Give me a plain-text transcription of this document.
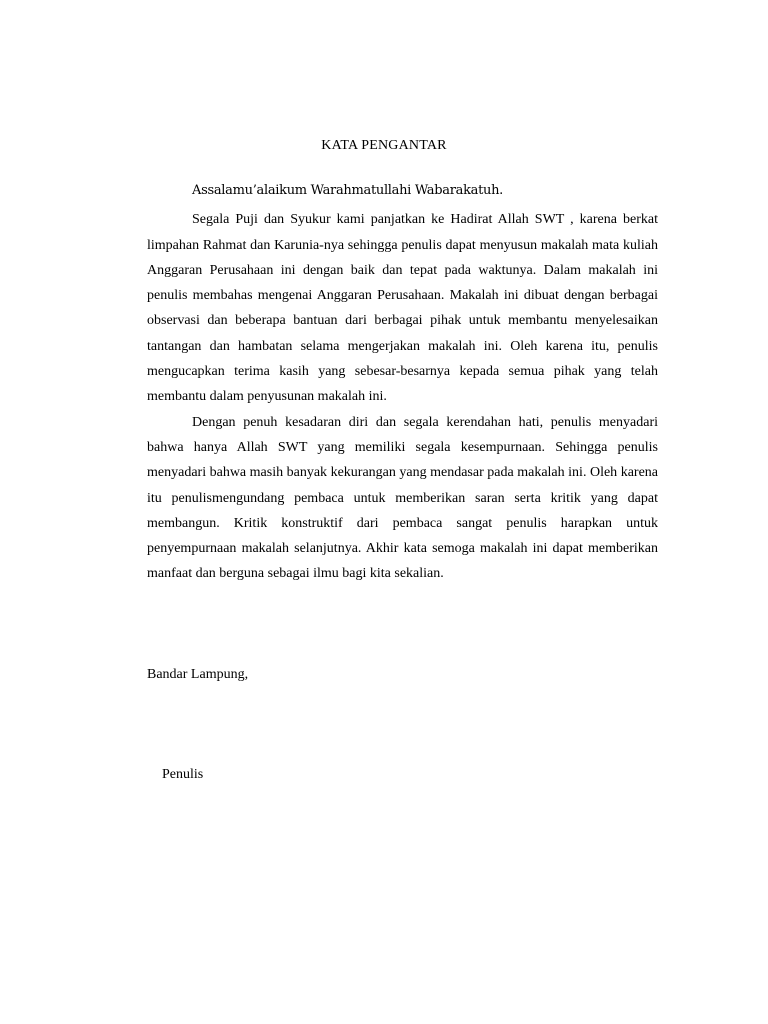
KATA PENGANTAR
Assalamu’alaikum Warahmatullahi Wabarakatuh.

Segala Puji dan Syukur kami panjatkan ke Hadirat Allah SWT , karena berkat limpahan Rahmat dan Karunia-nya sehingga penulis dapat menyusun makalah mata kuliah Anggaran Perusahaan ini dengan baik dan tepat pada waktunya. Dalam makalah ini penulis membahas mengenai Anggaran Perusahaan. Makalah ini dibuat dengan berbagai observasi dan beberapa bantuan dari berbagai pihak untuk membantu menyelesaikan tantangan dan hambatan selama mengerjakan makalah ini. Oleh karena itu, penulis mengucapkan terima kasih yang sebesar-besarnya kepada semua pihak yang telah membantu dalam penyusunan makalah ini.

Dengan penuh kesadaran diri dan segala kerendahan hati, penulis menyadari bahwa hanya Allah SWT yang memiliki segala kesempurnaan. Sehingga penulis menyadari bahwa masih banyak kekurangan yang mendasar pada makalah ini. Oleh karena itu penulismengundang pembaca untuk memberikan saran serta kritik yang dapat membangun. Kritik konstruktif dari pembaca sangat penulis harapkan untuk penyempurnaan makalah selanjutnya. Akhir kata semoga makalah ini dapat memberikan manfaat dan berguna sebagai ilmu bagi kita sekalian.

Bandar Lampung,
Penulis
